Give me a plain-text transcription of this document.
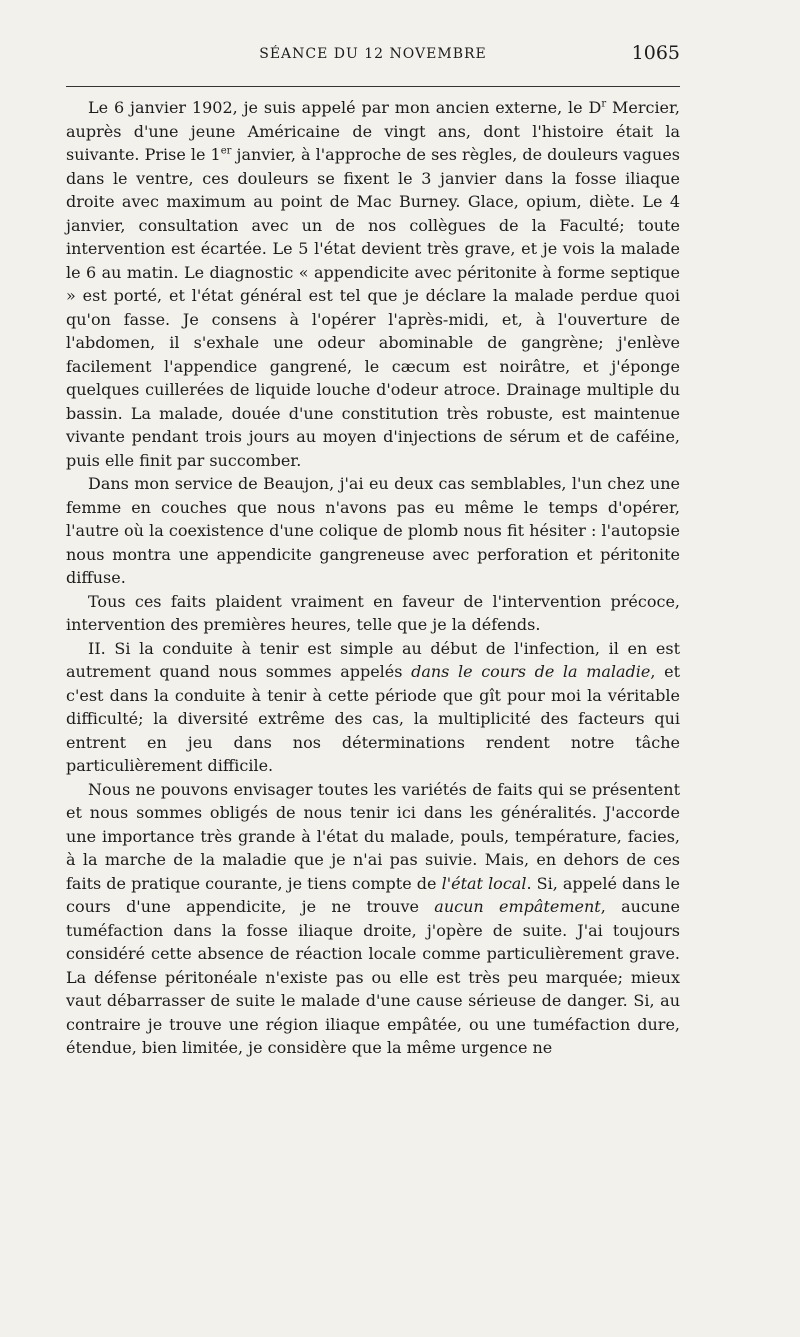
SÉANCE DU 12 NOVEMBRE	1065

Le 6 janvier 1902, je suis appelé par mon ancien externe, le $D^r$ Mercier, auprès d'une jeune Américaine de vingt ans, dont l'histoire était la suivante. Prise le 1er janvier, à l'approche de ses règles, de douleurs vagues dans le ventre, ces douleurs se fixent le 3 janvier dans la fosse iliaque droite avec maximum au point de Mac Burney. Glace, opium, diète. Le 4 janvier, consultation avec un de nos collègues de la Faculté; toute intervention est écartée. Le 5 l'état devient très grave, et je vois la malade le 6 au matin. Le diagnostic « appendicite avec péritonite à forme septique » est porté, et l'état général est tel que je déclare la malade perdue quoi qu'on fasse. Je consens à l'opérer l'après-midi, et, à l'ouverture de l'abdomen, il s'exhale une odeur abominable de gangrène; j'enlève facilement l'appendice gangrené, le cæcum est noirâtre, et j'éponge quelques cuillerées de liquide louche d'odeur atroce. Drainage multiple du bassin. La malade, douée d'une constitution très robuste, est maintenue vivante pendant trois jours au moyen d'injections de sérum et de caféine, puis elle finit par succomber.

Dans mon service de Beaujon, j'ai eu deux cas semblables, l'un chez une femme en couches que nous n'avons pas eu même le temps d'opérer, l'autre où la coexistence d'une colique de plomb nous fit hésiter : l'autopsie nous montra une appendicite gangreneuse avec perforation et péritonite diffuse.

Tous ces faits plaident vraiment en faveur de l'intervention précoce, intervention des premières heures, telle que je la défends.

II. Si la conduite à tenir est simple au début de l'infection, il en est autrement quand nous sommes appelés dans le cours de la maladie, et c'est dans la conduite à tenir à cette période que gît pour moi la véritable difficulté; la diversité extrême des cas, la multiplicité des facteurs qui entrent en jeu dans nos déterminations rendent notre tâche particulièrement difficile.

Nous ne pouvons envisager toutes les variétés de faits qui se présentent et nous sommes obligés de nous tenir ici dans les généralités. J'accorde une importance très grande à l'état du malade, pouls, température, facies, à la marche de la maladie que je n'ai pas suivie. Mais, en dehors de ces faits de pratique courante, je tiens compte de l'état local. Si, appelé dans le cours d'une appendicite, je ne trouve aucun empâtement, aucune tuméfaction dans la fosse iliaque droite, j'opère de suite. J'ai toujours considéré cette absence de réaction locale comme particulièrement grave. La défense péritonéale n'existe pas ou elle est très peu marquée; mieux vaut débarrasser de suite le malade d'une cause sérieuse de danger. Si, au contraire je trouve une région iliaque empâtée, ou une tuméfaction dure, étendue, bien limitée, je considère que la même urgence ne
